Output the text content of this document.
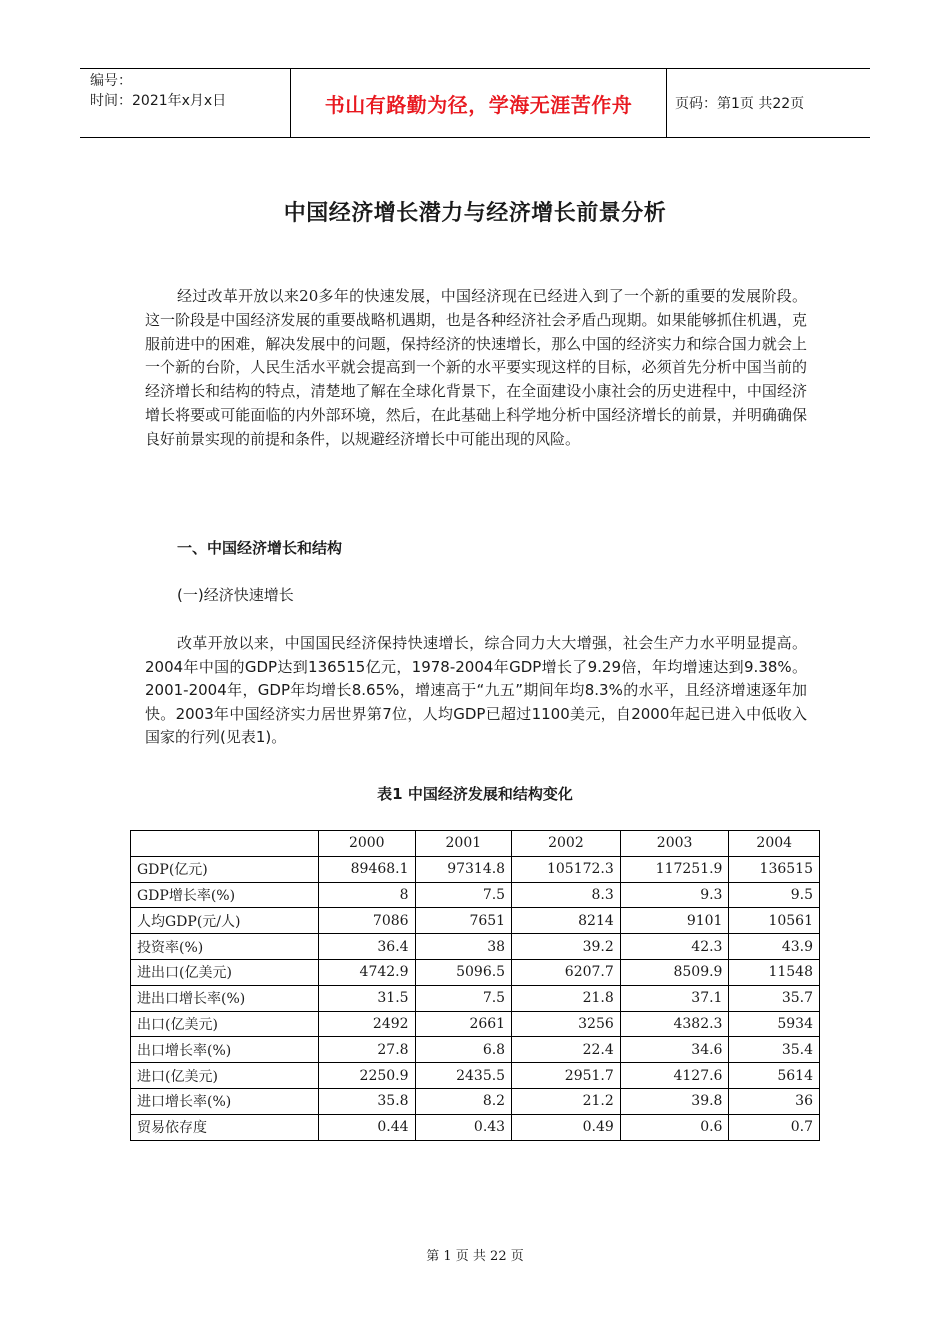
编号：
时间：2021年x月x日	书山有路勤为径，学海无涯苦作舟	页码：第1页 共22页
中国经济增长潜力与经济增长前景分析

经过改革开放以来20多年的快速发展，中国经济现在已经进入到了一个新的重要的发展阶段。这一阶段是中国经济发展的重要战略机遇期，也是各种经济社会矛盾凸现期。如果能够抓住机遇，克服前进中的困难，解决发展中的问题，保持经济的快速增长，那么中国的经济实力和综合国力就会上一个新的台阶，人民生活水平就会提高到一个新的水平要实现这样的目标，必须首先分析中国当前的经济增长和结构的特点，清楚地了解在全球化背景下，在全面建设小康社会的历史进程中，中国经济增长将要或可能面临的内外部环境，然后，在此基础上科学地分析中国经济增长的前景，并明确确保良好前景实现的前提和条件，以规避经济增长中可能出现的风险。

一、中国经济增长和结构
(一)经济快速增长

改革开放以来，中国国民经济保持快速增长，综合同力大大增强，社会生产力水平明显提高。2004年中国的GDP达到136515亿元，1978-2004年GDP增长了9.29倍，年均增速达到9.38%。2001-2004年，GDP年均增长8.65%，增速高于“九五”期间年均8.3%的水平，且经济增速逐年加快。2003年中国经济实力居世界第7位，人均GDP已超过1100美元，自2000年起已进入中低收入国家的行列(见表1)。

表1 中国经济发展和结构变化
	2000	2001	2002	2003	2004
GDP(亿元)	89468.1	97314.8	105172.3	117251.9	136515
GDP增长率(%)	8	7.5	8.3	9.3	9.5
人均GDP(元/人)	7086	7651	8214	9101	10561
投资率(%)	36.4	38	39.2	42.3	43.9
进出口(亿美元)	4742.9	5096.5	6207.7	8509.9	11548
进出口增长率(%)	31.5	7.5	21.8	37.1	35.7
出口(亿美元)	2492	2661	3256	4382.3	5934
出口增长率(%)	27.8	6.8	22.4	34.6	35.4
进口(亿美元)	2250.9	2435.5	2951.7	4127.6	5614
进口增长率(%)	35.8	8.2	21.2	39.8	36
贸易依存度	0.44	0.43	0.49	0.6	0.7
第 1 页 共 22 页
